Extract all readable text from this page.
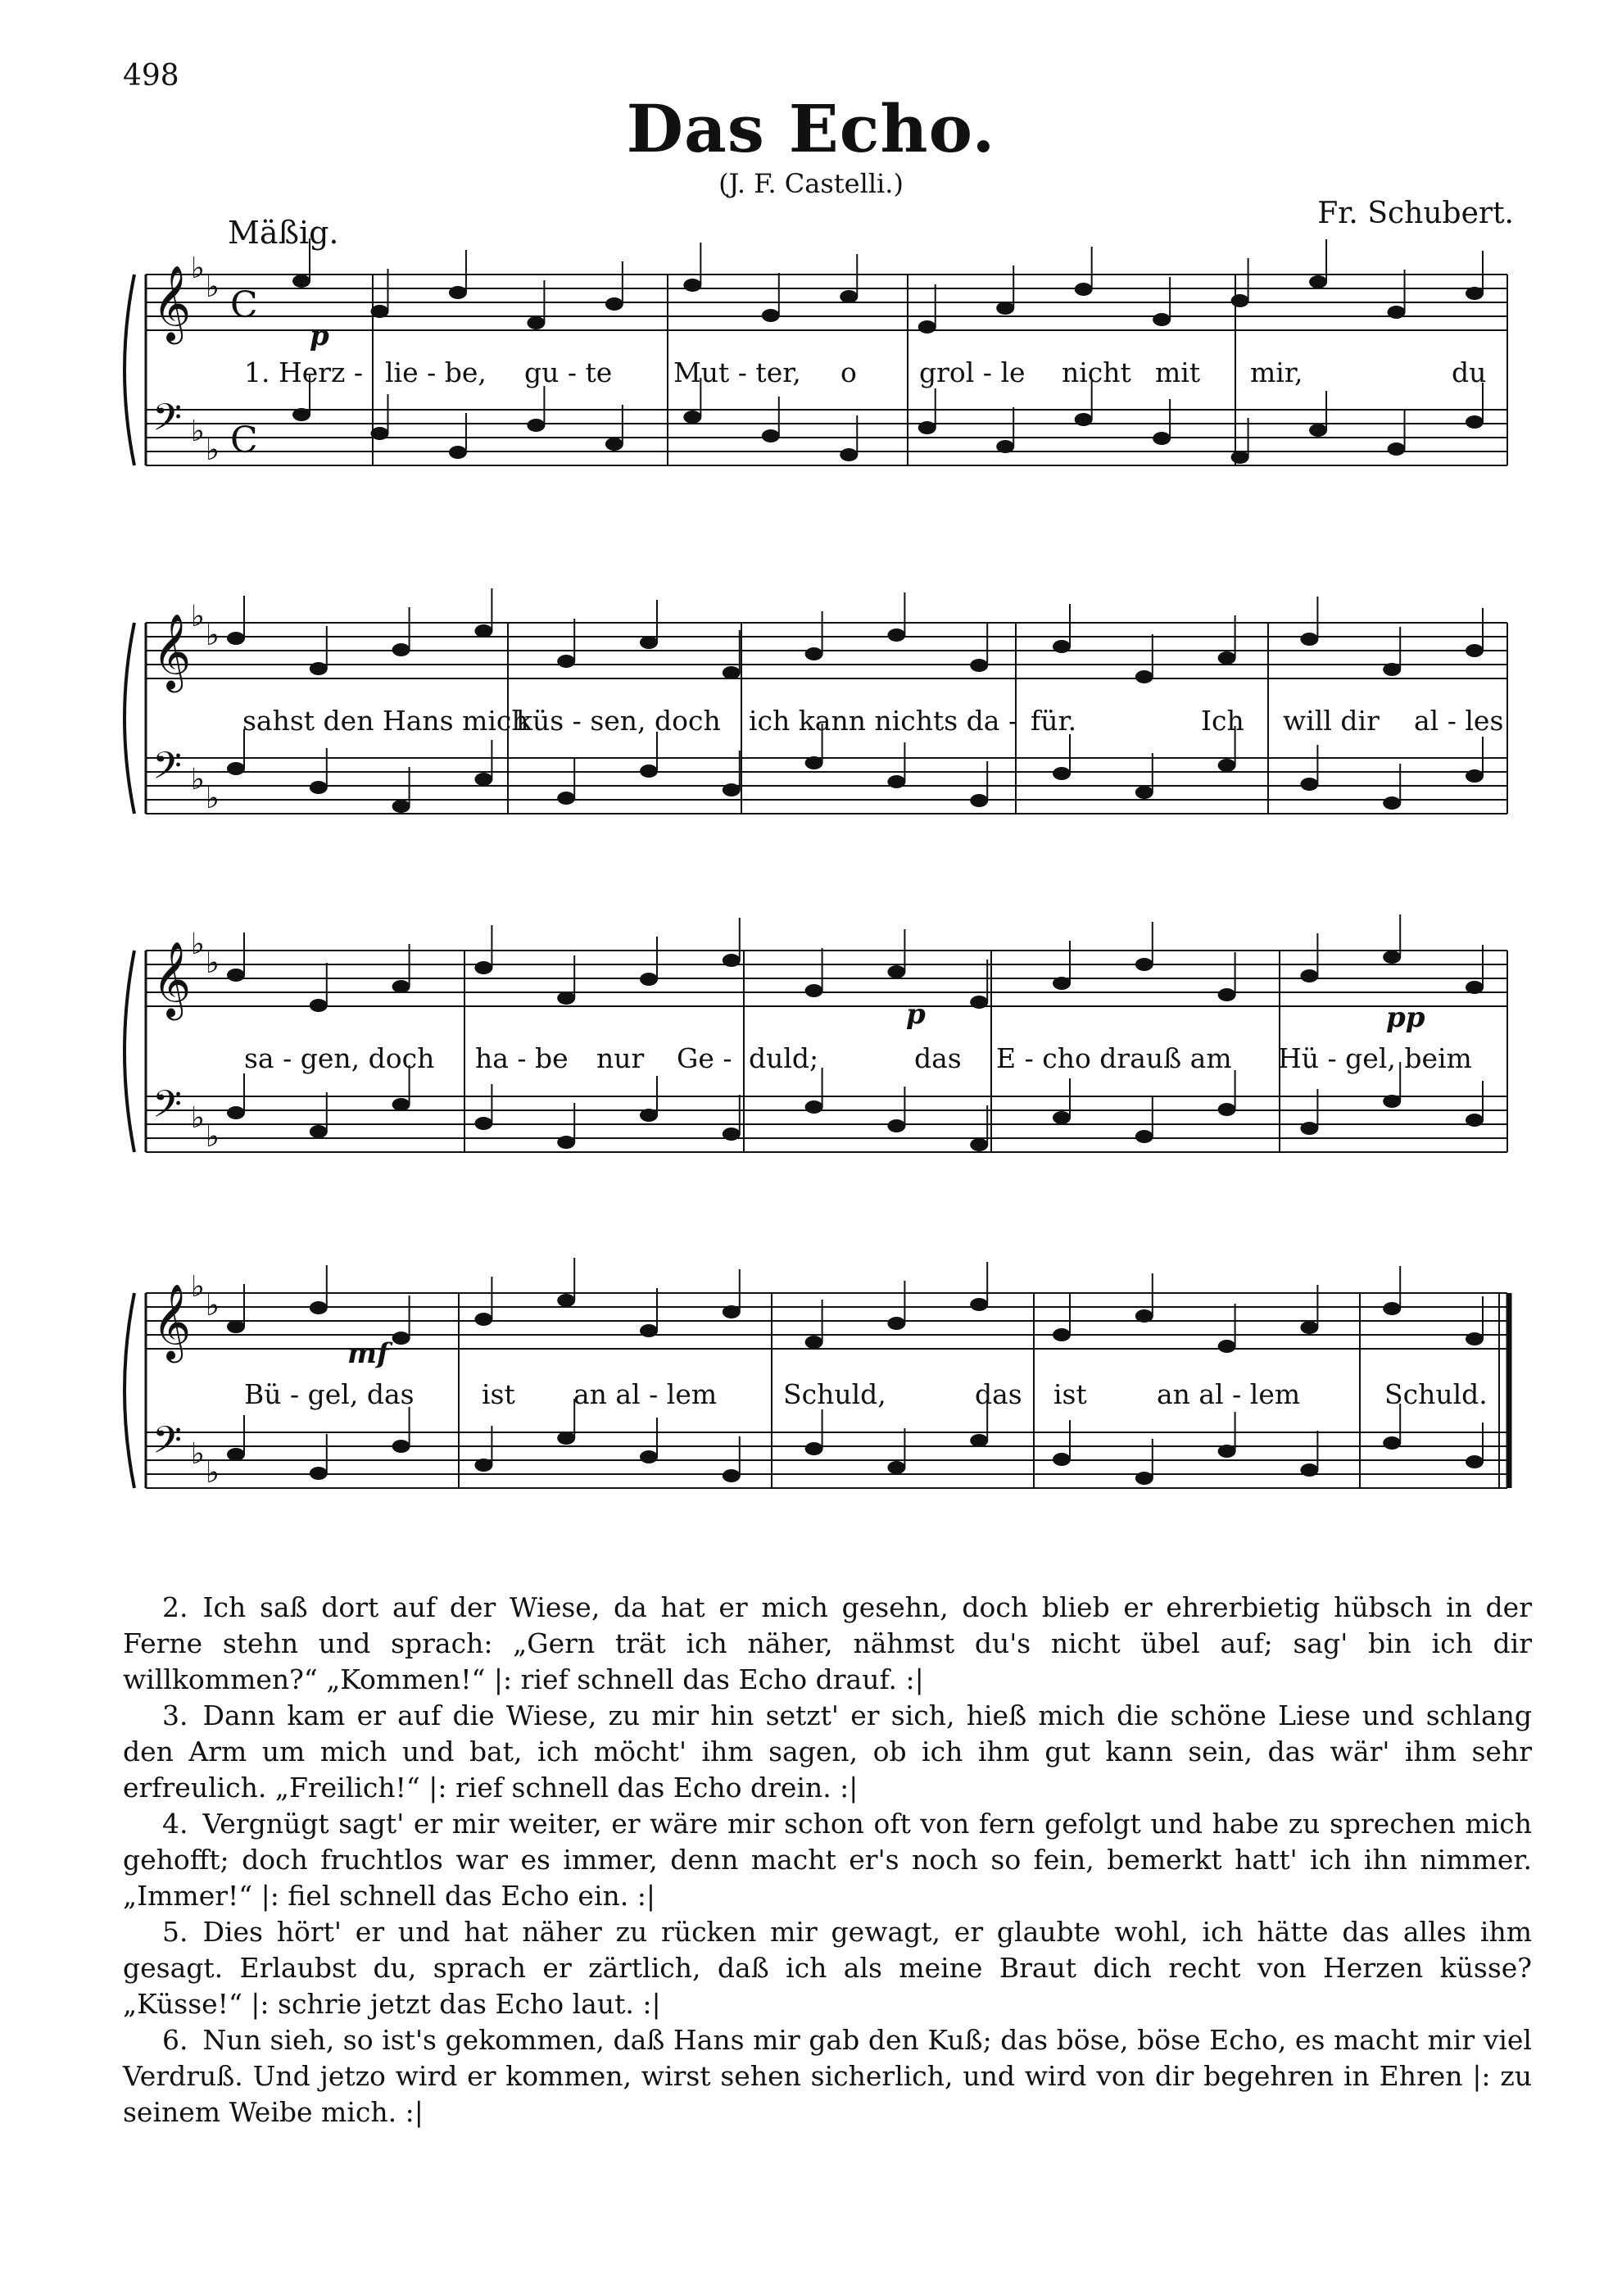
498
Das Echo.
(J. F. Castelli.)
Fr. Schubert.
Mäßig.
𝄞 ♭
♭ C
𝄢 ♭
♭ C
𝄞 ♭
♭
𝄢 ♭
♭
𝄞 ♭
♭
𝄢 ♭
♭
𝄞 ♭
♭
𝄢 ♭
♭
1. Herz - lie - be, gu - te Mut - ter, o grol - le nicht mit mir,	du
sahst den Hans mich
küs - sen, doch ich kann nichts da - für.	Ich will dir al - les
sa - gen, doch ha - be nur Ge - duld;	das E - cho drauß am Hü - gel, beim
Bü - gel, das ist an al - lem Schuld,	das ist	an al - lem	Schuld.
p
p	pp
mf

2. Ich saß dort auf der Wiese, da hat er mich gesehn, doch blieb er ehrerbietig hübsch in der Ferne stehn und sprach: „Gern trät ich näher, nähmst du's nicht übel auf; sag' bin ich dir willkommen?“ „Kommen!“ |: rief schnell das Echo drauf. :|

3. Dann kam er auf die Wiese, zu mir hin setzt' er sich, hieß mich die schöne Liese und schlang den Arm um mich und bat, ich möcht' ihm sagen, ob ich ihm gut kann sein, das wär' ihm sehr erfreulich. „Freilich!“ |: rief schnell das Echo drein. :|

4. Vergnügt sagt' er mir weiter, er wäre mir schon oft von fern gefolgt und habe zu sprechen mich gehofft; doch fruchtlos war es immer, denn macht er's noch so fein, bemerkt hatt' ich ihn nimmer. „Immer!“ |: fiel schnell das Echo ein. :|

5. Dies hört' er und hat näher zu rücken mir gewagt, er glaubte wohl, ich hätte das alles ihm gesagt. Erlaubst du, sprach er zärtlich, daß ich als meine Braut dich recht von Herzen küsse? „Küsse!“ |: schrie jetzt das Echo laut. :|

6. Nun sieh, so ist's gekommen, daß Hans mir gab den Kuß; das böse, böse Echo, es macht mir viel Verdruß. Und jetzo wird er kommen, wirst sehen sicherlich, und wird von dir begehren in Ehren |: zu seinem Weibe mich. :|
